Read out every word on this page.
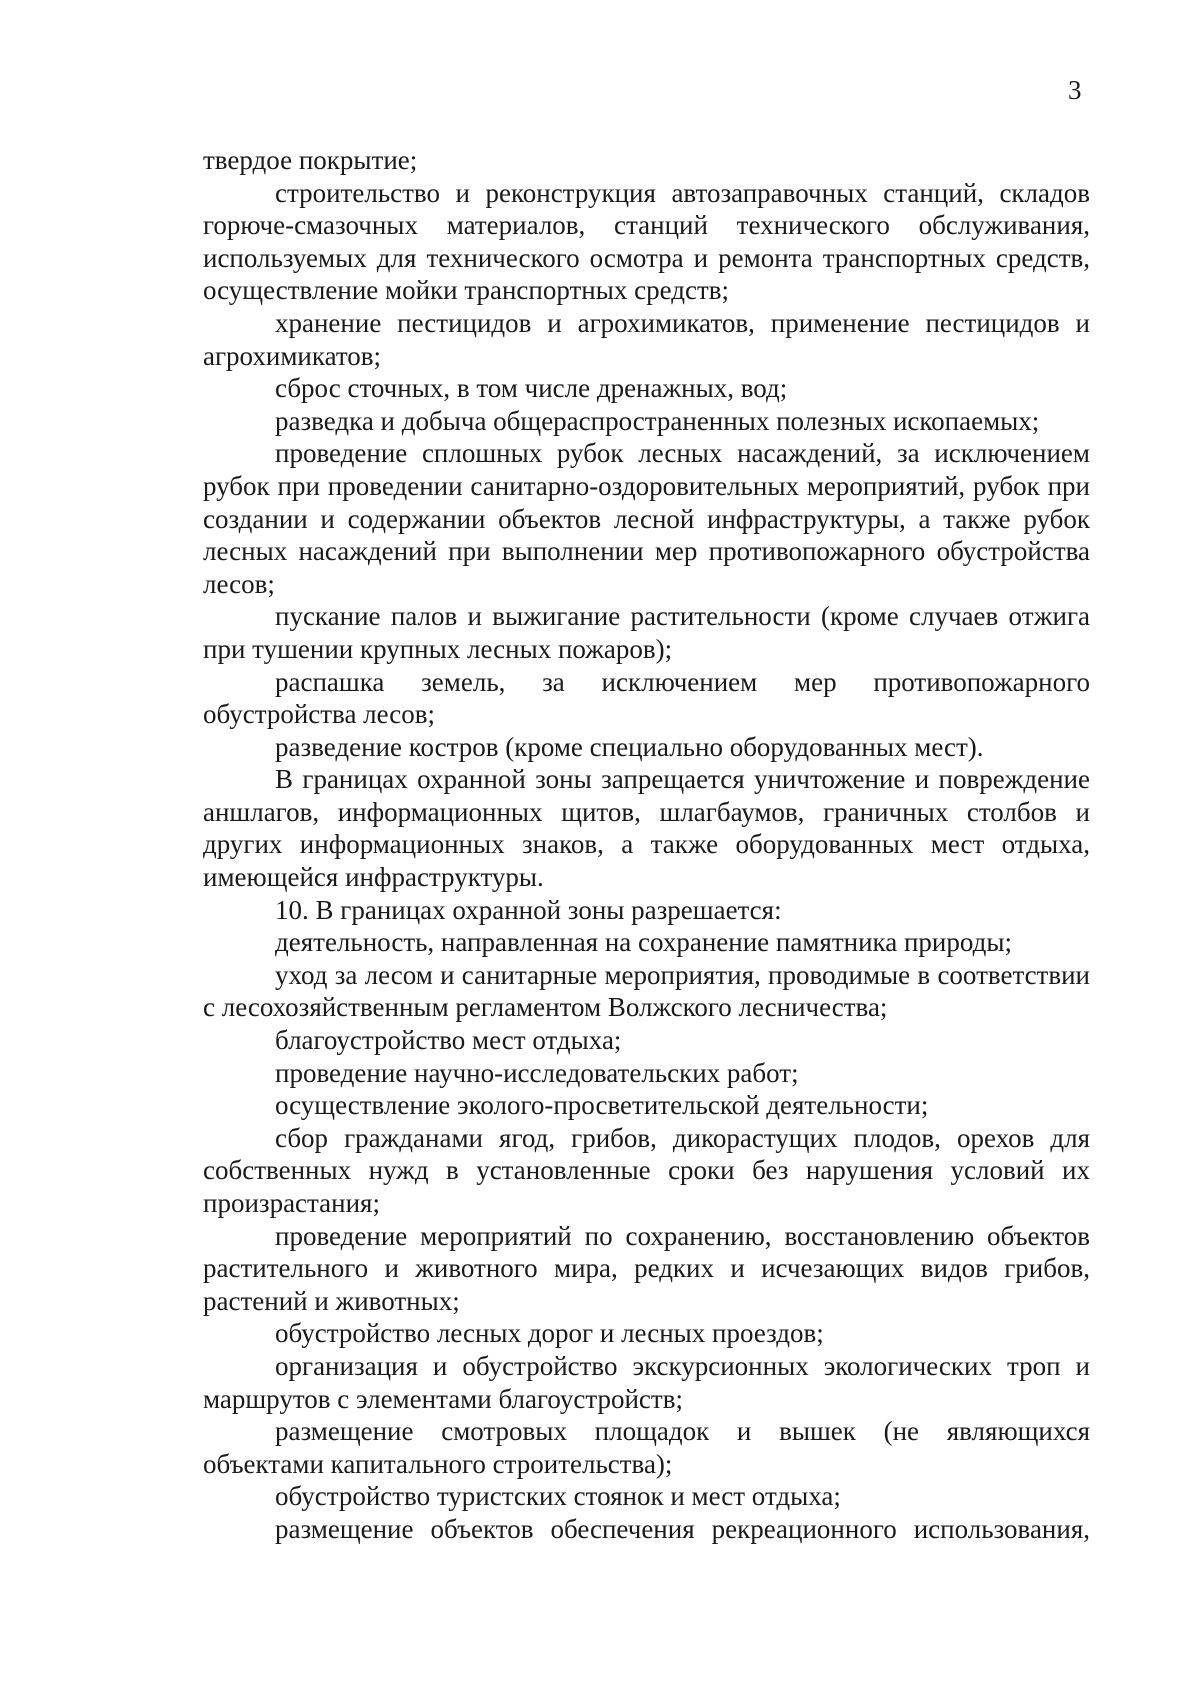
3

твердое покрытие;

строительство и реконструкция автозаправочных станций, складов горюче-смазочных материалов, станций технического обслуживания, используемых для технического осмотра и ремонта транспортных средств, осуществление мойки транспортных средств;

хранение пестицидов и агрохимикатов, применение пестицидов и агрохимикатов;

сброс сточных, в том числе дренажных, вод;

разведка и добыча общераспространенных полезных ископаемых;

проведение сплошных рубок лесных насаждений, за исключением рубок при проведении санитарно-оздоровительных мероприятий, рубок при создании и содержании объектов лесной инфраструктуры, а также рубок лесных насаждений при выполнении мер противопожарного обустройства лесов;

пускание палов и выжигание растительности (кроме случаев отжига при тушении крупных лесных пожаров);

распашка земель, за исключением мер противопожарного обустройства лесов;

разведение костров (кроме специально оборудованных мест).

В границах охранной зоны запрещается уничтожение и повреждение аншлагов, информационных щитов, шлагбаумов, граничных столбов и других информационных знаков, а также оборудованных мест отдыха, имеющейся инфраструктуры.

10. В границах охранной зоны разрешается:

деятельность, направленная на сохранение памятника природы;

уход за лесом и санитарные мероприятия, проводимые в соответствии с лесохозяйственным регламентом Волжского лесничества;

благоустройство мест отдыха;

проведение научно-исследовательских работ;

осуществление эколого-просветительской деятельности;

сбор гражданами ягод, грибов, дикорастущих плодов, орехов для собственных нужд в установленные сроки без нарушения условий их произрастания;

проведение мероприятий по сохранению, восстановлению объектов растительного и животного мира, редких и исчезающих видов грибов, растений и животных;

обустройство лесных дорог и лесных проездов;

организация и обустройство экскурсионных экологических троп и маршрутов с элементами благоустройств;

размещение смотровых площадок и вышек (не являющихся объектами капитального строительства);

обустройство туристских стоянок и мест отдыха;

размещение объектов обеспечения рекреационного использования,
